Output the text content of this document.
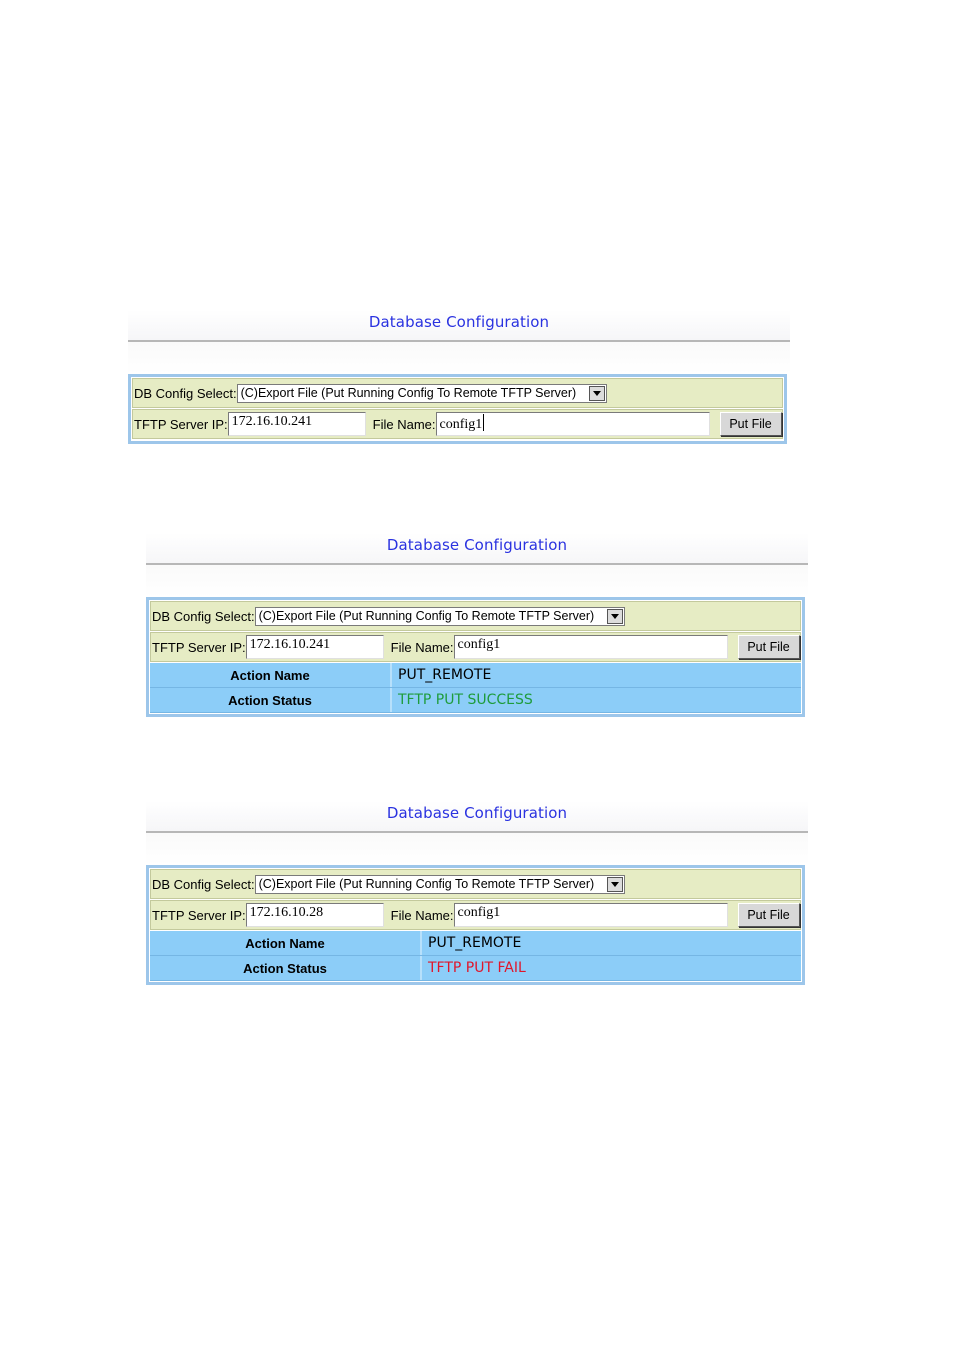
Database Configuration
DB Config Select: (C)Export File (Put Running Config To Remote TFTP Server)
TFTP Server IP: 172.16.10.241	File Name: config1	Put File
Database Configuration
DB Config Select: (C)Export File (Put Running Config To Remote TFTP Server)
TFTP Server IP: 172.16.10.241	File Name: config1	Put File
Action Name	PUT_REMOTE
Action Status	TFTP PUT SUCCESS
Database Configuration
DB Config Select: (C)Export File (Put Running Config To Remote TFTP Server)
TFTP Server IP: 172.16.10.28	File Name: config1	Put File
Action Name	PUT_REMOTE
Action Status	TFTP PUT FAIL
